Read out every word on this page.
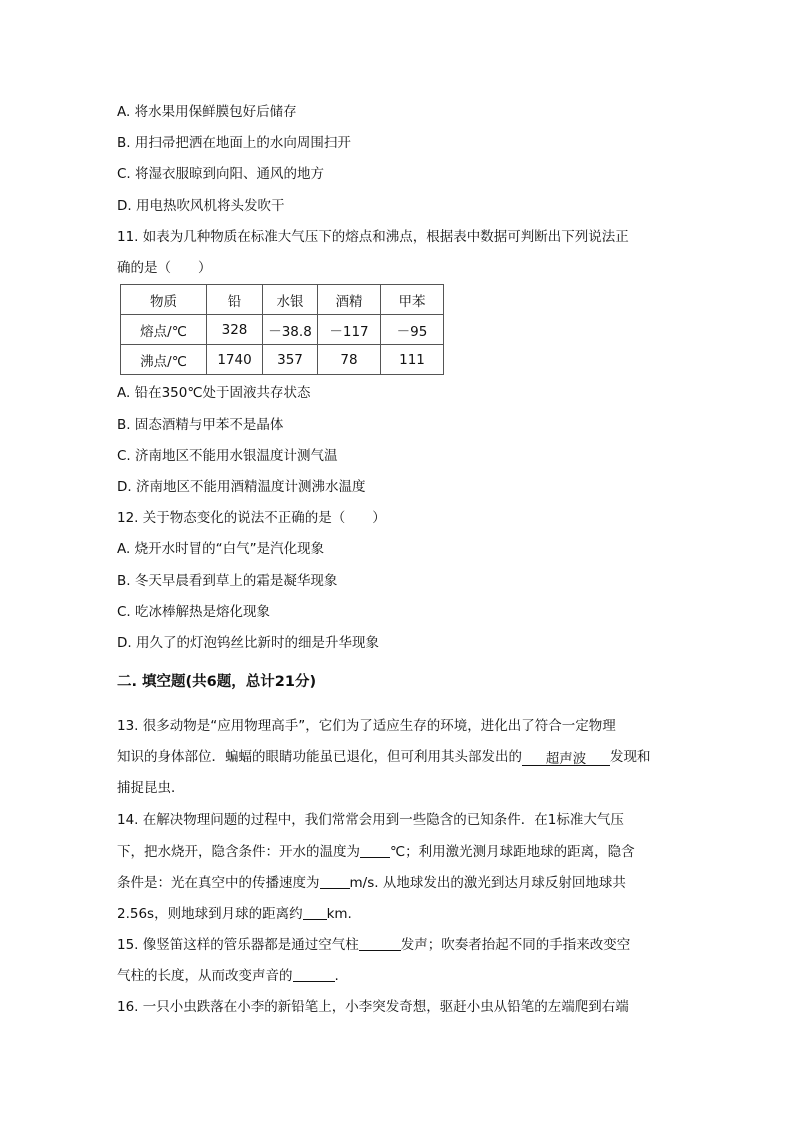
A. 将水果用保鲜膜包好后储存
B. 用扫帚把洒在地面上的水向周围扫开
C. 将湿衣服晾到向阳、通风的地方
D. 用电热吹风机将头发吹干
11. 如表为几种物质在标准大气压下的熔点和沸点，根据表中数据可判断出下列说法正
确的是（　　）
物质	铅	水银	酒精	甲苯
熔点/℃	328	－38.8	－117	－95
沸点/℃	1740	357	78	111
A. 铅在350℃处于固液共存状态
B. 固态酒精与甲苯不是晶体
C. 济南地区不能用水银温度计测气温
D. 济南地区不能用酒精温度计测沸水温度
12. 关于物态变化的说法不正确的是（　　）
A. 烧开水时冒的“白气”是汽化现象
B. 冬天早晨看到草上的霜是凝华现象
C. 吃冰棒解热是熔化现象
D. 用久了的灯泡钨丝比新时的细是升华现象
二. 填空题(共6题，总计21分)
13. 很多动物是“应用物理高手”，它们为了适应生存的环境，进化出了符合一定物理
知识的身体部位．蝙蝠的眼睛功能虽已退化，但可利用其头部发出的 超声波 发现和
捕捉昆虫．
14. 在解决物理问题的过程中，我们常常会用到一些隐含的已知条件．在1标准大气压
下，把水烧开，隐含条件：开水的温度为 ℃；利用激光测月球距地球的距离，隐含
条件是：光在真空中的传播速度为 m/s. 从地球发出的激光到达月球反射回地球共
2.56s，则地球到月球的距离约 km.
15. 像竖笛这样的管乐器都是通过空气柱	发声；吹奏者抬起不同的手指来改变空
气柱的长度，从而改变声音的	.
16. 一只小虫跌落在小李的新铅笔上，小李突发奇想，驱赶小虫从铅笔的左端爬到右端
